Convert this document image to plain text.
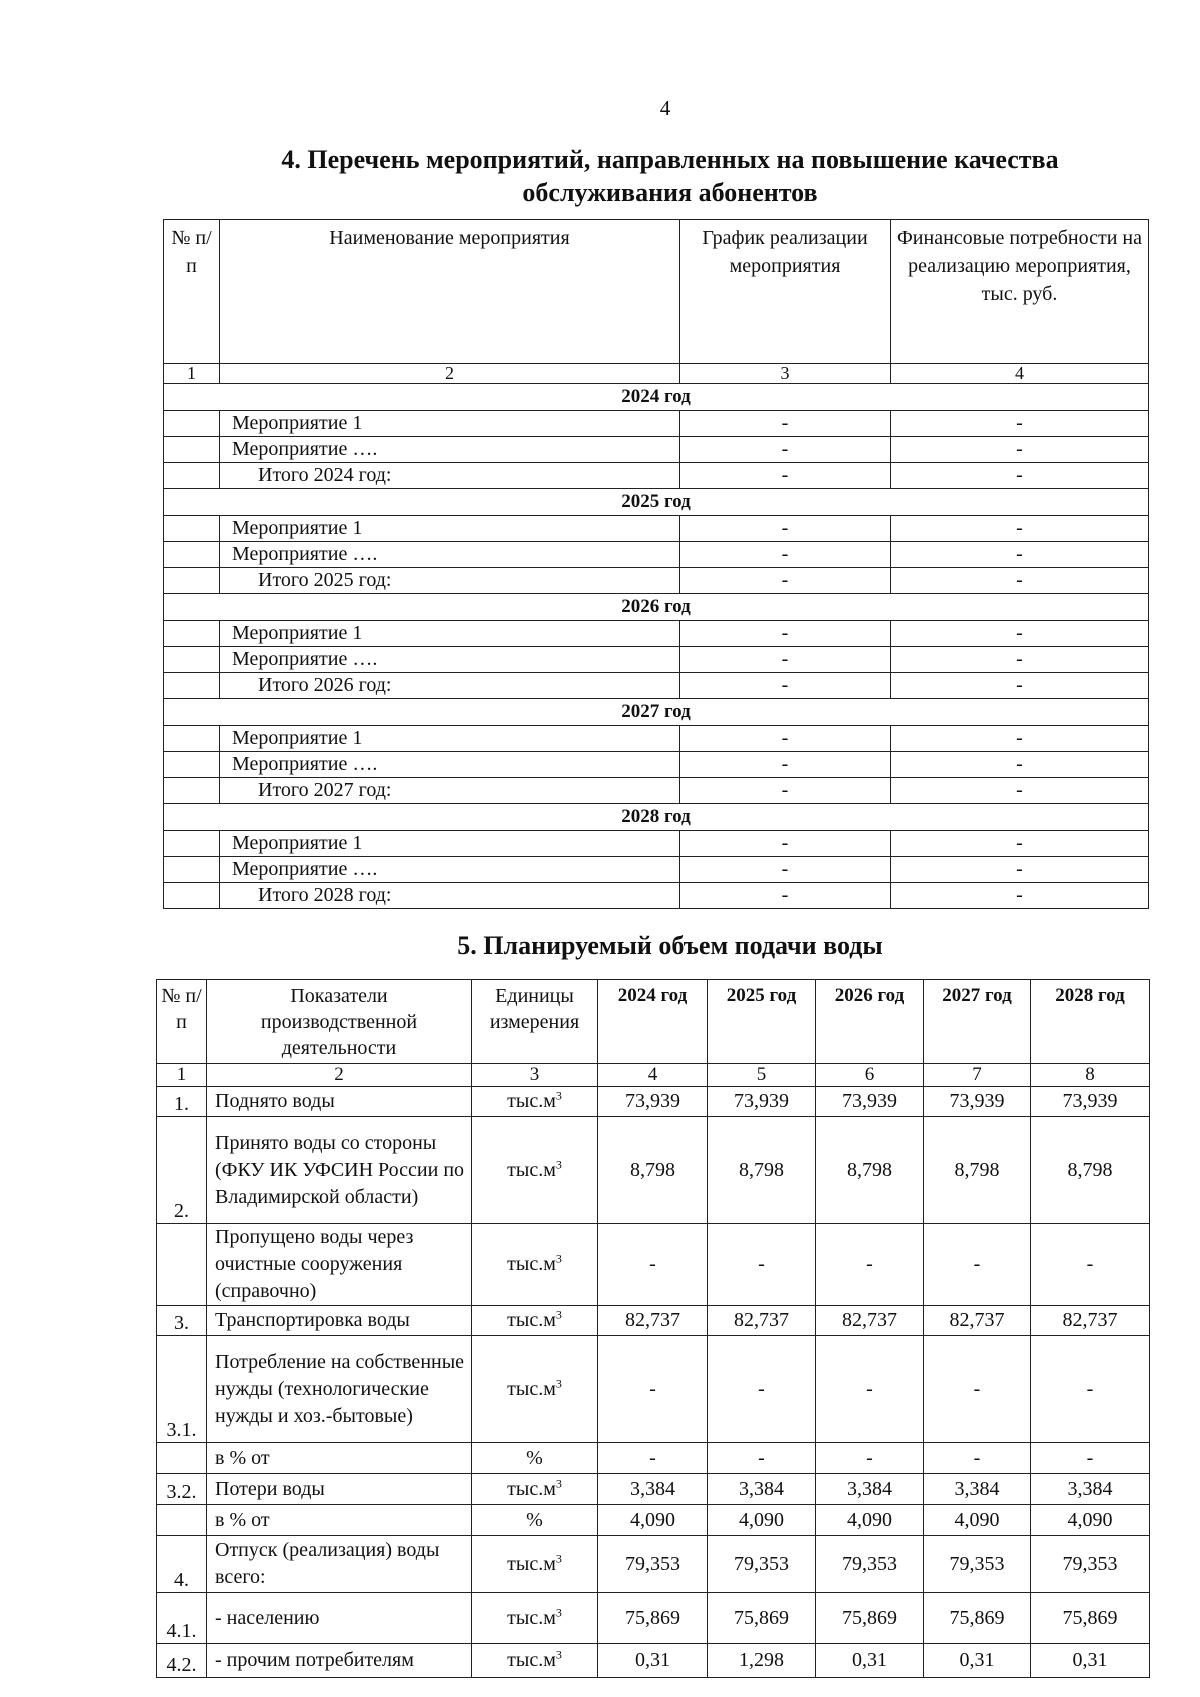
4
4. Перечень мероприятий, направленных на повышение качества обслуживания абонентов
№ п/п	Наименование мероприятия	График реализации мероприятия	Финансовые потребности на реализацию мероприятия, тыс. руб.
1	2	3	4
2024 год			
	Мероприятие 1	-	-
	Мероприятие ….	-	-
	Итого 2024 год:	-	-
2025 год			
	Мероприятие 1	-	-
	Мероприятие ….	-	-
	Итого 2025 год:	-	-
2026 год			
	Мероприятие 1	-	-
	Мероприятие ….	-	-
	Итого 2026 год:	-	-
2027 год			
	Мероприятие 1	-	-
	Мероприятие ….	-	-
	Итого 2027 год:	-	-
2028 год			
	Мероприятие 1	-	-
	Мероприятие ….	-	-
	Итого 2028 год:	-	-
5. Планируемый объем подачи воды
№ п/п	Показатели производственной деятельности	Единицы измерения	2024 год	2025 год	2026 год	2027 год	2028 год
1	2	3	4	5	6	7	8
1.	Поднято воды	$тыс.м^3$	73,939	73,939	73,939	73,939	73,939
2.	Принято воды со стороны (ФКУ ИК УФСИН России по Владимирской области)	$тыс.м^3$	8,798	8,798	8,798	8,798	8,798
	Пропущено воды через очистные сооружения (справочно)	$тыс.м^3$	-	-	-	-	-
3.	Транспортировка воды	$тыс.м^3$	82,737	82,737	82,737	82,737	82,737
3.1.	Потребление на собственные нужды (технологические нужды и хоз.-бытовые)	$тыс.м^3$	-	-	-	-	-
	в % от	%	-	-	-	-	-
3.2.	Потери воды	$тыс.м^3$	3,384	3,384	3,384	3,384	3,384
	в % от	%	4,090	4,090	4,090	4,090	4,090
4.	Отпуск (реализация) воды всего:	$тыс.м^3$	79,353	79,353	79,353	79,353	79,353
4.1.	- населению	$тыс.м^3$	75,869	75,869	75,869	75,869	75,869
4.2.	- прочим потребителям	$тыс.м^3$	0,31	1,298	0,31	0,31	0,31
